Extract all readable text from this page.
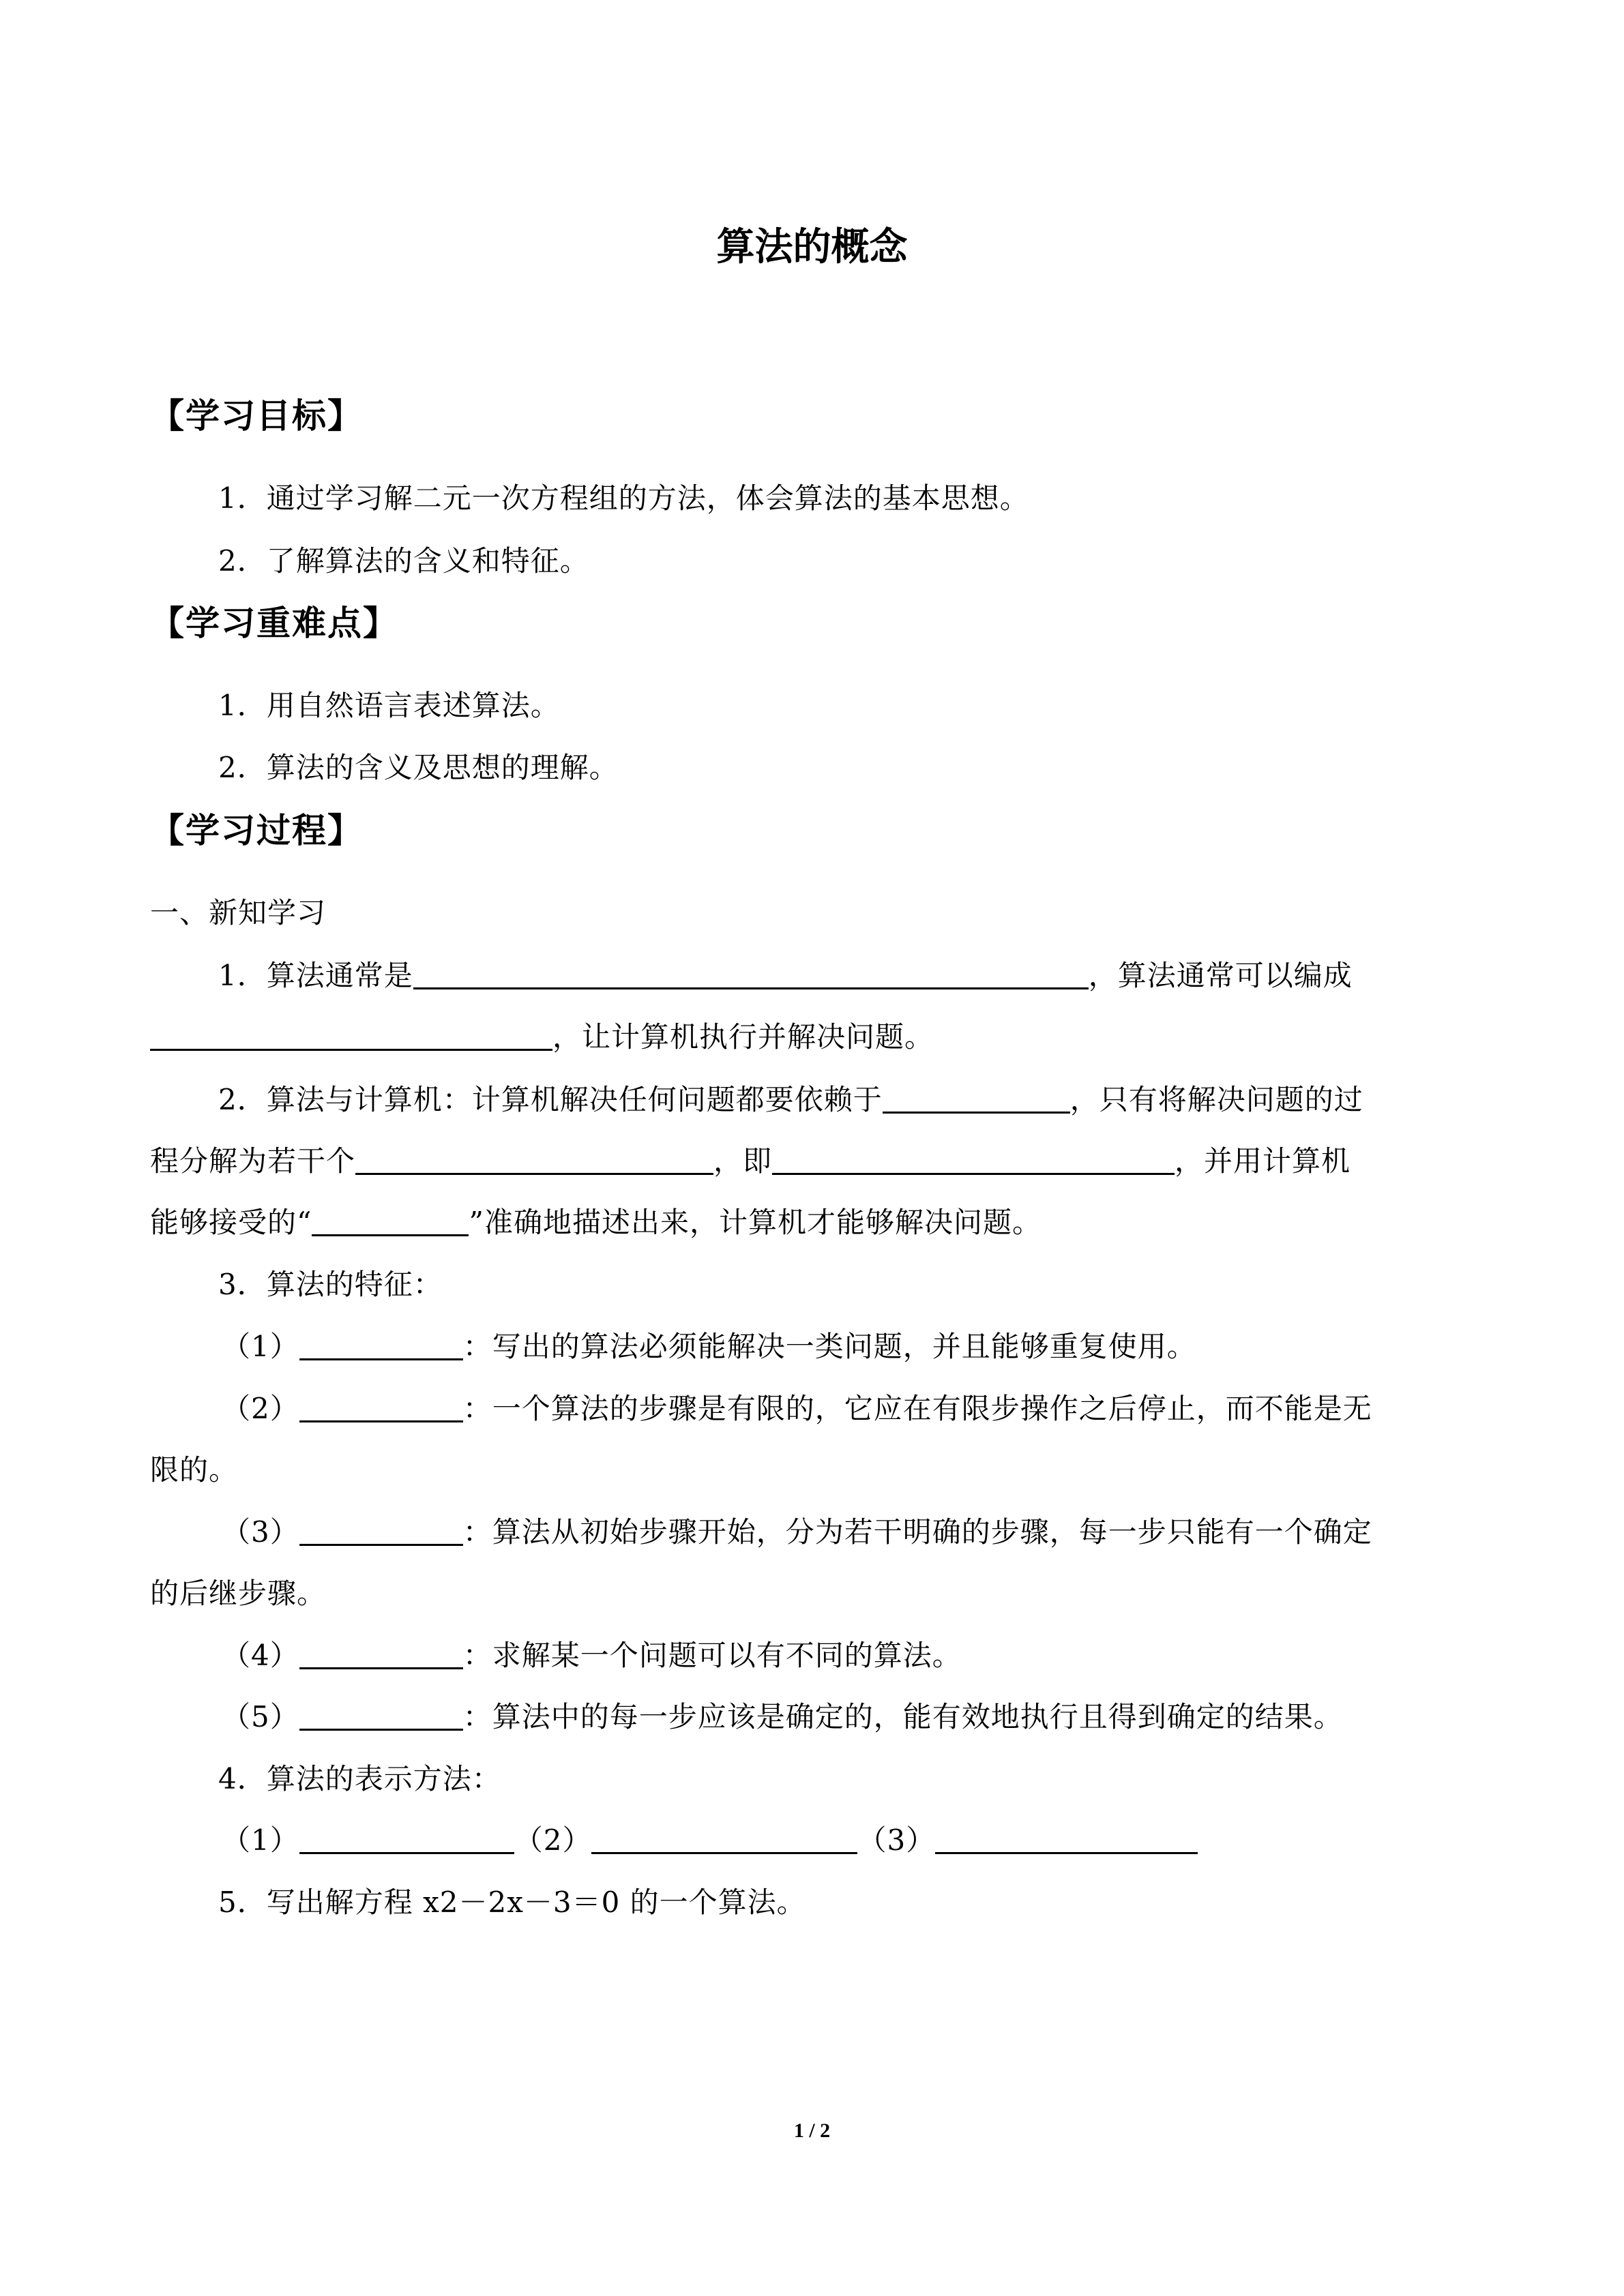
算法的概念
【学习目标】
1．通过学习解二元一次方程组的方法，体会算法的基本思想。
2．了解算法的含义和特征。
【学习重难点】
1．用自然语言表述算法。
2．算法的含义及思想的理解。
【学习过程】
一、新知学习
1．算法通常是	，算法通常可以编成
，让计算机执行并解决问题。
2．算法与计算机：计算机解决任何问题都要依赖于	，只有将解决问题的过
程分解为若干个	，即	，并用计算机
能够接受的“	”准确地描述出来，计算机才能够解决问题。
3．算法的特征：
（1）	：写出的算法必须能解决一类问题，并且能够重复使用。
（2）	：一个算法的步骤是有限的，它应在有限步操作之后停止，而不能是无
限的。
（3）	：算法从初始步骤开始，分为若干明确的步骤，每一步只能有一个确定
的后继步骤。
（4）	：求解某一个问题可以有不同的算法。
（5）	：算法中的每一步应该是确定的，能有效地执行且得到确定的结果。
4．算法的表示方法：
（1）	（2）	（3）
5．写出解方程 x2－2x－3＝0 的一个算法。
1 / 2
